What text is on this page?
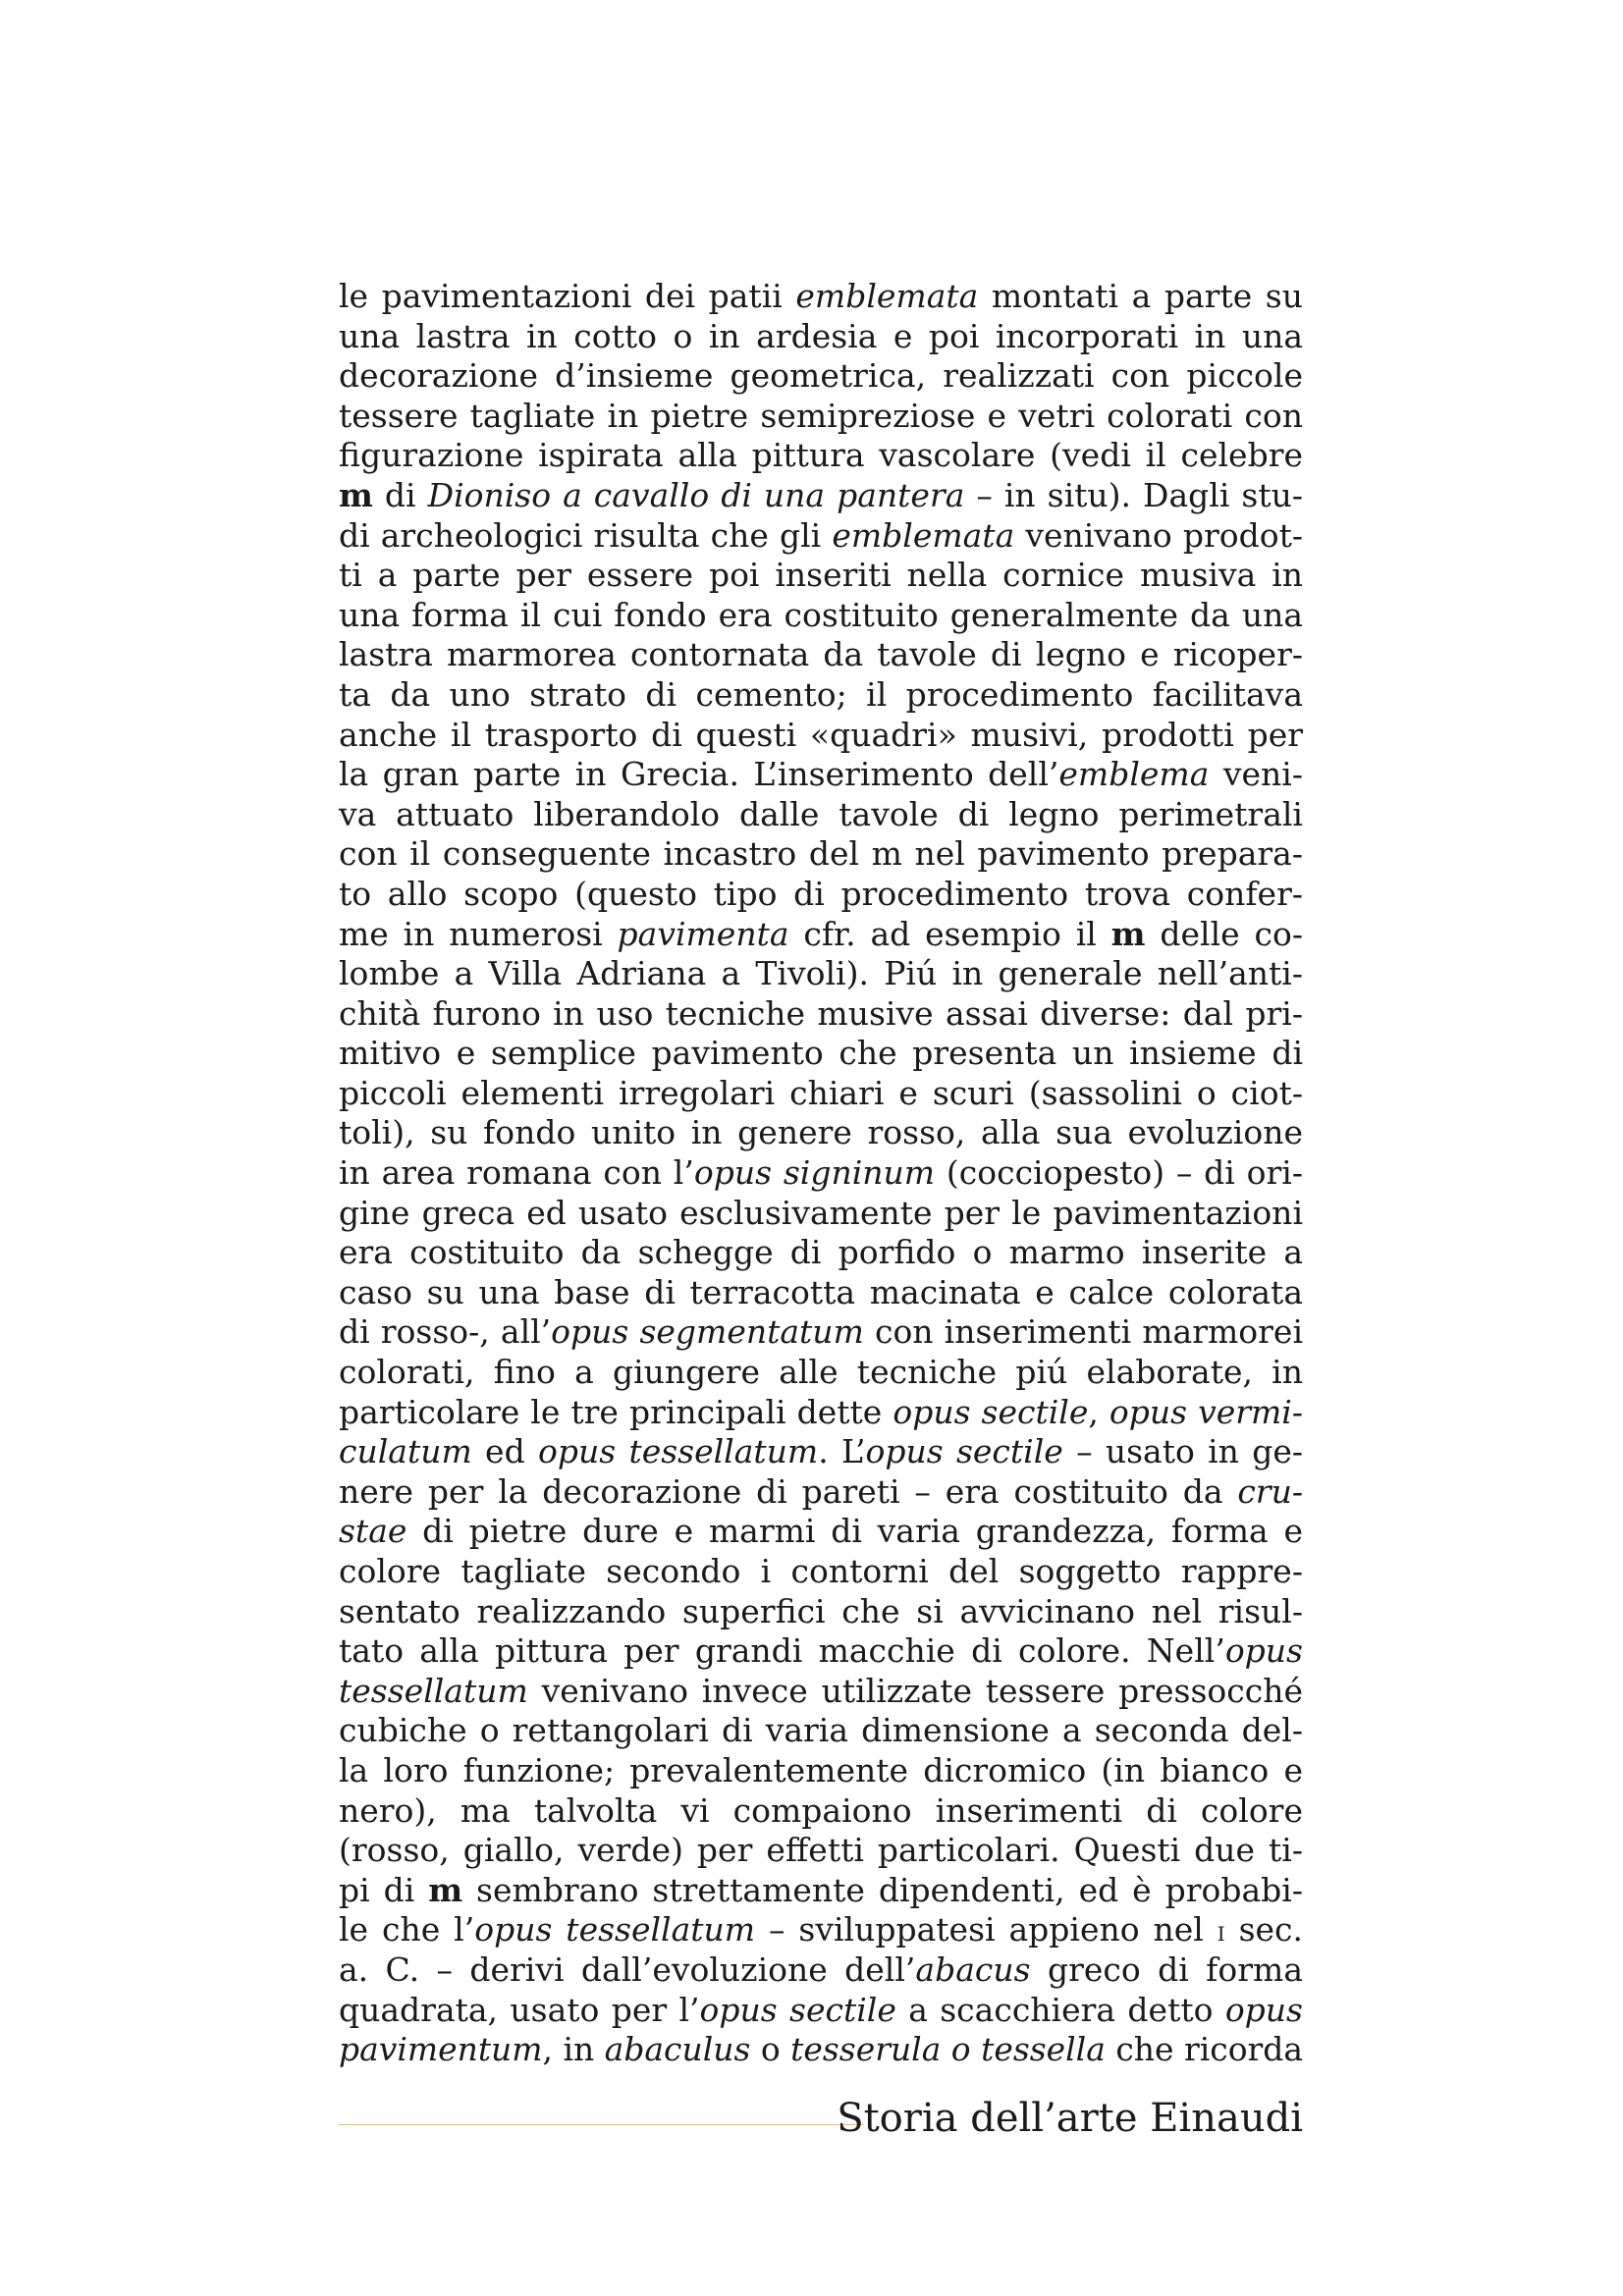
le pavimentazioni dei patii emblemata montati a parte su
una lastra in cotto o in ardesia e poi incorporati in una
decorazione d’insieme geometrica, realizzati con piccole
tessere tagliate in pietre semipreziose e vetri colorati con
figurazione ispirata alla pittura vascolare (vedi il celebre
m di Dioniso a cavallo di una pantera – in situ). Dagli stu-
di archeologici risulta che gli emblemata venivano prodot-
ti a parte per essere poi inseriti nella cornice musiva in
una forma il cui fondo era costituito generalmente da una
lastra marmorea contornata da tavole di legno e ricoper-
ta da uno strato di cemento; il procedimento facilitava
anche il trasporto di questi «quadri» musivi, prodotti per
la gran parte in Grecia. L’inserimento dell’emblema veni-
va attuato liberandolo dalle tavole di legno perimetrali
con il conseguente incastro del m nel pavimento prepara-
to allo scopo (questo tipo di procedimento trova confer-
me in numerosi pavimenta cfr. ad esempio il m delle co-
lombe a Villa Adriana a Tivoli). Piú in generale nell’anti-
chità furono in uso tecniche musive assai diverse: dal pri-
mitivo e semplice pavimento che presenta un insieme di
piccoli elementi irregolari chiari e scuri (sassolini o ciot-
toli), su fondo unito in genere rosso, alla sua evoluzione
in area romana con l’opus signinum (cocciopesto) – di ori-
gine greca ed usato esclusivamente per le pavimentazioni
era costituito da schegge di porfido o marmo inserite a
caso su una base di terracotta macinata e calce colorata
di rosso-, all’opus segmentatum con inserimenti marmorei
colorati, fino a giungere alle tecniche piú elaborate, in
particolare le tre principali dette opus sectile, opus vermi-
culatum ed opus tessellatum. L’opus sectile – usato in ge-
nere per la decorazione di pareti – era costituito da cru-
stae di pietre dure e marmi di varia grandezza, forma e
colore tagliate secondo i contorni del soggetto rappre-
sentato realizzando superfici che si avvicinano nel risul-
tato alla pittura per grandi macchie di colore. Nell’opus
tessellatum venivano invece utilizzate tessere pressocché
cubiche o rettangolari di varia dimensione a seconda del-
la loro funzione; prevalentemente dicromico (in bianco e
nero), ma talvolta vi compaiono inserimenti di colore
(rosso, giallo, verde) per effetti particolari. Questi due ti-
pi di m sembrano strettamente dipendenti, ed è probabi-
le che l’opus tessellatum – sviluppatesi appieno nel i sec.
a. C. – derivi dall’evoluzione dell’abacus greco di forma
quadrata, usato per l’opus sectile a scacchiera detto opus
pavimentum, in abaculus o tesserula o tessella che ricorda
Storia dell’arte Einaudi
